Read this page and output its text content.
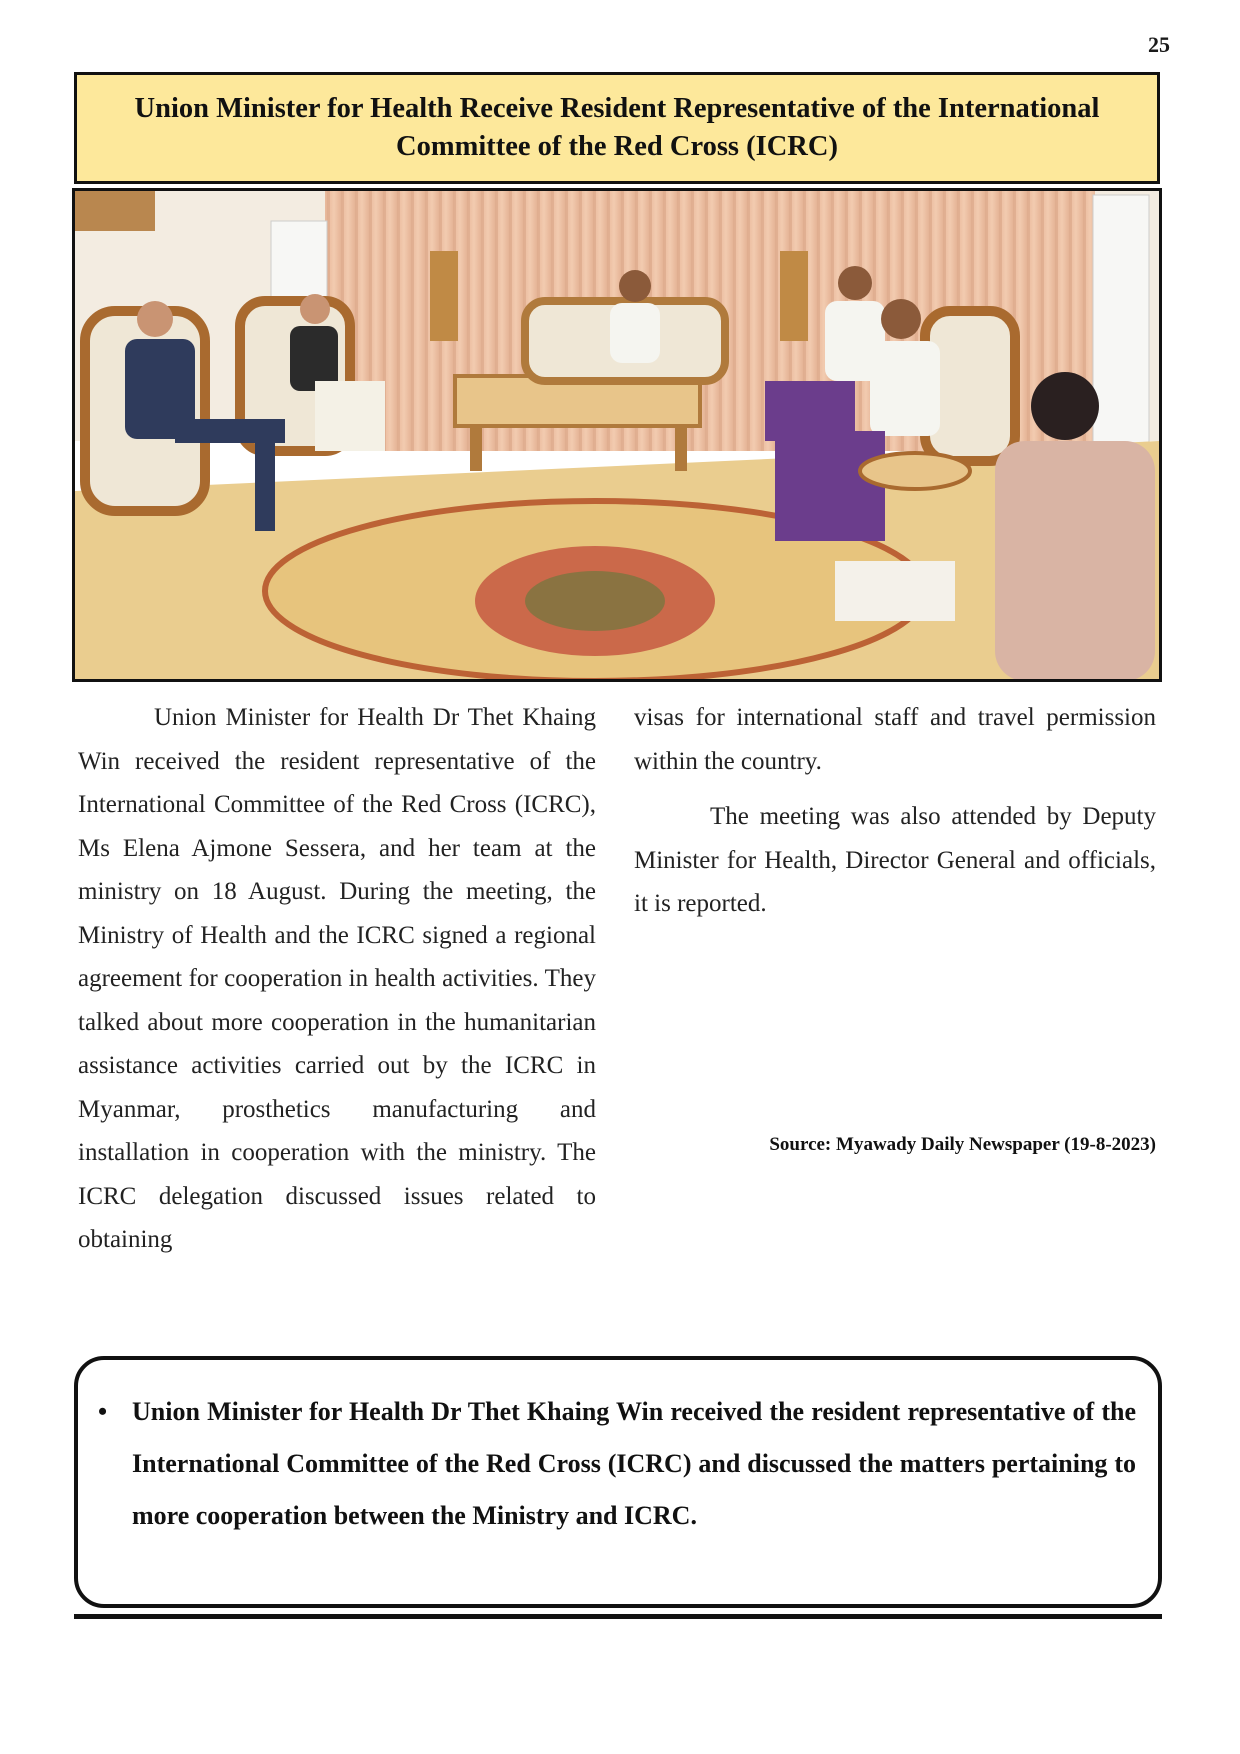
25
Union Minister for Health Receive Resident Representative of the International Committee of the Red Cross (ICRC)

Union Minister for Health Dr Thet Khaing Win received the resident representative of the International Committee of the Red Cross (ICRC), Ms Elena Ajmone Sessera, and her team at the ministry on 18 August. During the meeting, the Ministry of Health and the ICRC signed a regional agreement for cooperation in health activities. They talked about more cooperation in the humanitarian assistance activities carried out by the ICRC in Myanmar, prosthetics manufacturing and installation in cooperation with the ministry. The ICRC delegation discussed issues related to obtaining

visas for international staff and travel permission within the country.

The meeting was also attended by Deputy Minister for Health, Director General and officials, it is reported.

Source: Myawady Daily Newspaper (19-8-2023)
• Union Minister for Health Dr Thet Khaing Win received the resident representative of the International Committee of the Red Cross (ICRC) and discussed the matters pertaining to more cooperation between the Ministry and ICRC.
